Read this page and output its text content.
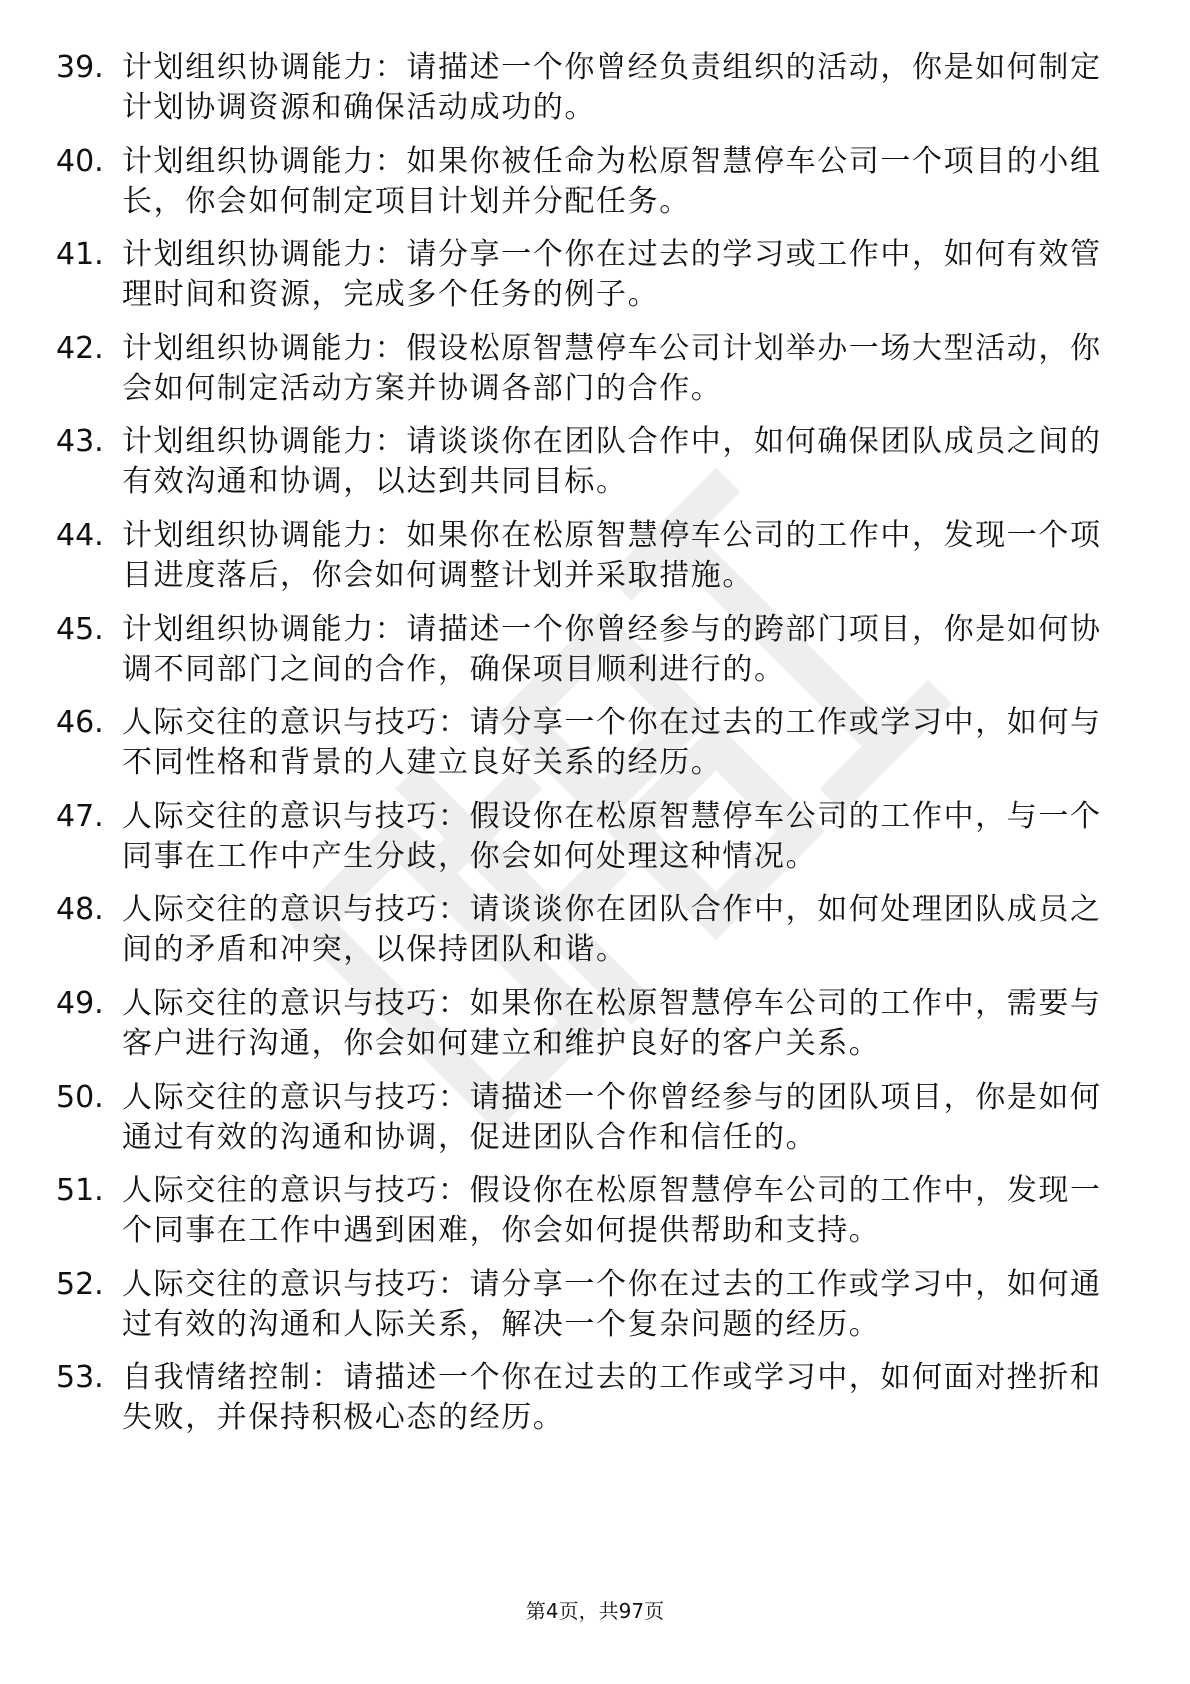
39. 计划组织协调能力：请描述一个你曾经负责组织的活动，你是如何制定计划协调资源和确保活动成功的。
40. 计划组织协调能力：如果你被任命为松原智慧停车公司一个项目的小组长，你会如何制定项目计划并分配任务。
41. 计划组织协调能力：请分享一个你在过去的学习或工作中，如何有效管理时间和资源，完成多个任务的例子。
42. 计划组织协调能力：假设松原智慧停车公司计划举办一场大型活动，你会如何制定活动方案并协调各部门的合作。
43. 计划组织协调能力：请谈谈你在团队合作中，如何确保团队成员之间的有效沟通和协调，以达到共同目标。
44. 计划组织协调能力：如果你在松原智慧停车公司的工作中，发现一个项目进度落后，你会如何调整计划并采取措施。
45. 计划组织协调能力：请描述一个你曾经参与的跨部门项目，你是如何协调不同部门之间的合作，确保项目顺利进行的。
46. 人际交往的意识与技巧：请分享一个你在过去的工作或学习中，如何与不同性格和背景的人建立良好关系的经历。
47. 人际交往的意识与技巧：假设你在松原智慧停车公司的工作中，与一个同事在工作中产生分歧，你会如何处理这种情况。
48. 人际交往的意识与技巧：请谈谈你在团队合作中，如何处理团队成员之间的矛盾和冲突，以保持团队和谐。
49. 人际交往的意识与技巧：如果你在松原智慧停车公司的工作中，需要与客户进行沟通，你会如何建立和维护良好的客户关系。
50. 人际交往的意识与技巧：请描述一个你曾经参与的团队项目，你是如何通过有效的沟通和协调，促进团队合作和信任的。
51. 人际交往的意识与技巧：假设你在松原智慧停车公司的工作中，发现一个同事在工作中遇到困难，你会如何提供帮助和支持。
52. 人际交往的意识与技巧：请分享一个你在过去的工作或学习中，如何通过有效的沟通和人际关系，解决一个复杂问题的经历。
53. 自我情绪控制：请描述一个你在过去的工作或学习中，如何面对挫折和失败，并保持积极心态的经历。
第4页，共97页
